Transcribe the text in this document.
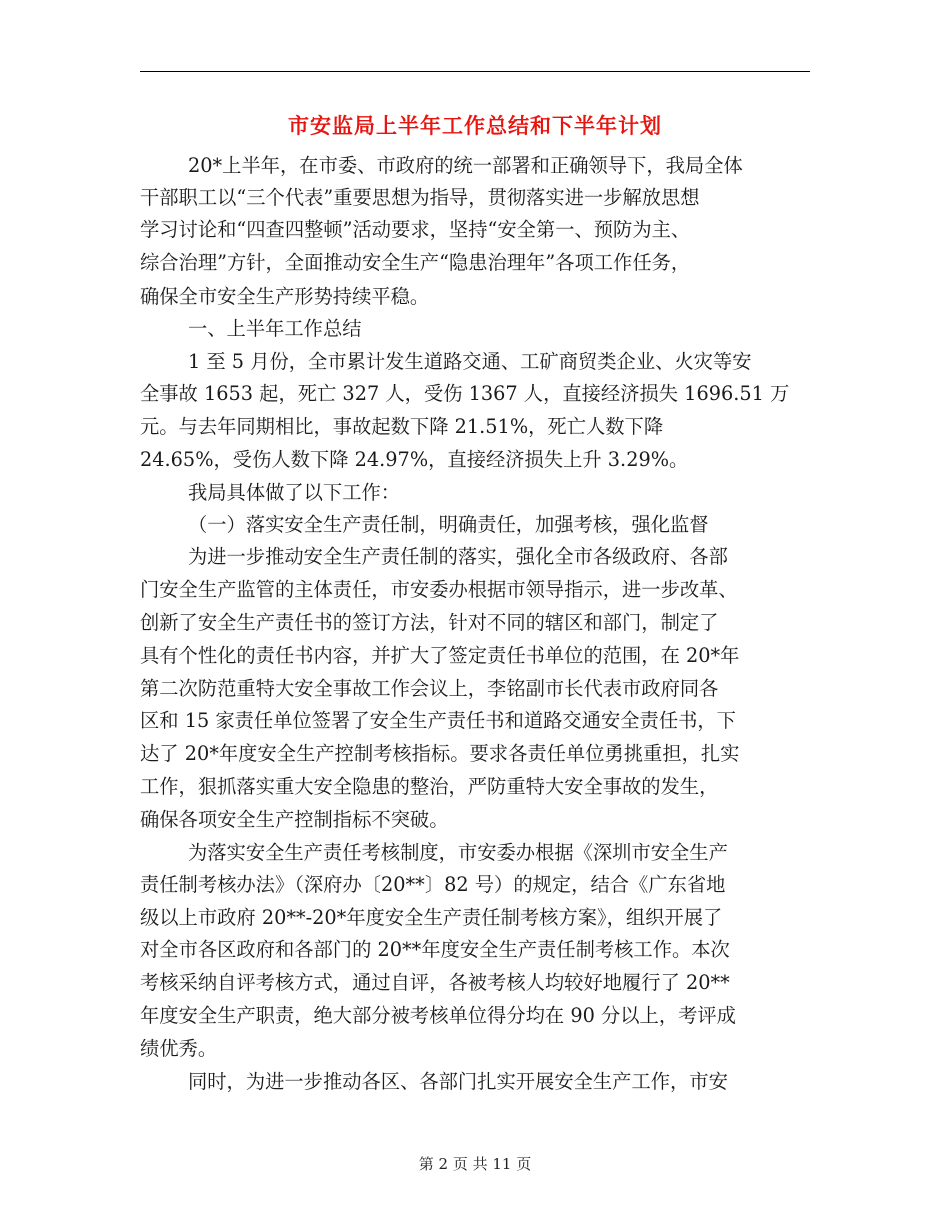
市安监局上半年工作总结和下半年计划
20*上半年，在市委、市政府的统一部署和正确领导下，我局全体
干部职工以“三个代表”重要思想为指导，贯彻落实进一步解放思想
学习讨论和“四查四整顿”活动要求，坚持“安全第一、预防为主、
综合治理”方针，全面推动安全生产“隐患治理年”各项工作任务，
确保全市安全生产形势持续平稳。
一、上半年工作总结
1 至 5 月份，全市累计发生道路交通、工矿商贸类企业、火灾等安
全事故 1653 起，死亡 327 人，受伤 1367 人，直接经济损失 1696.51 万
元。与去年同期相比，事故起数下降 21.51%，死亡人数下降
24.65%，受伤人数下降 24.97%，直接经济损失上升 3.29%。
我局具体做了以下工作：
（一）落实安全生产责任制，明确责任，加强考核，强化监督
为进一步推动安全生产责任制的落实，强化全市各级政府、各部
门安全生产监管的主体责任，市安委办根据市领导指示，进一步改革、
创新了安全生产责任书的签订方法，针对不同的辖区和部门，制定了
具有个性化的责任书内容，并扩大了签定责任书单位的范围，在 20*年
第二次防范重特大安全事故工作会议上，李铭副市长代表市政府同各
区和 15 家责任单位签署了安全生产责任书和道路交通安全责任书，下
达了 20*年度安全生产控制考核指标。要求各责任单位勇挑重担，扎实
工作，狠抓落实重大安全隐患的整治，严防重特大安全事故的发生，
确保各项安全生产控制指标不突破。
为落实安全生产责任考核制度，市安委办根据《深圳市安全生产
责任制考核办法》（深府办〔20**〕82 号）的规定，结合《广东省地
级以上市政府 20**-20*年度安全生产责任制考核方案》，组织开展了
对全市各区政府和各部门的 20**年度安全生产责任制考核工作。本次
考核采纳自评考核方式，通过自评，各被考核人均较好地履行了 20**
年度安全生产职责，绝大部分被考核单位得分均在 90 分以上，考评成
绩优秀。
同时，为进一步推动各区、各部门扎实开展安全生产工作，市安
第 2 页 共 11 页
